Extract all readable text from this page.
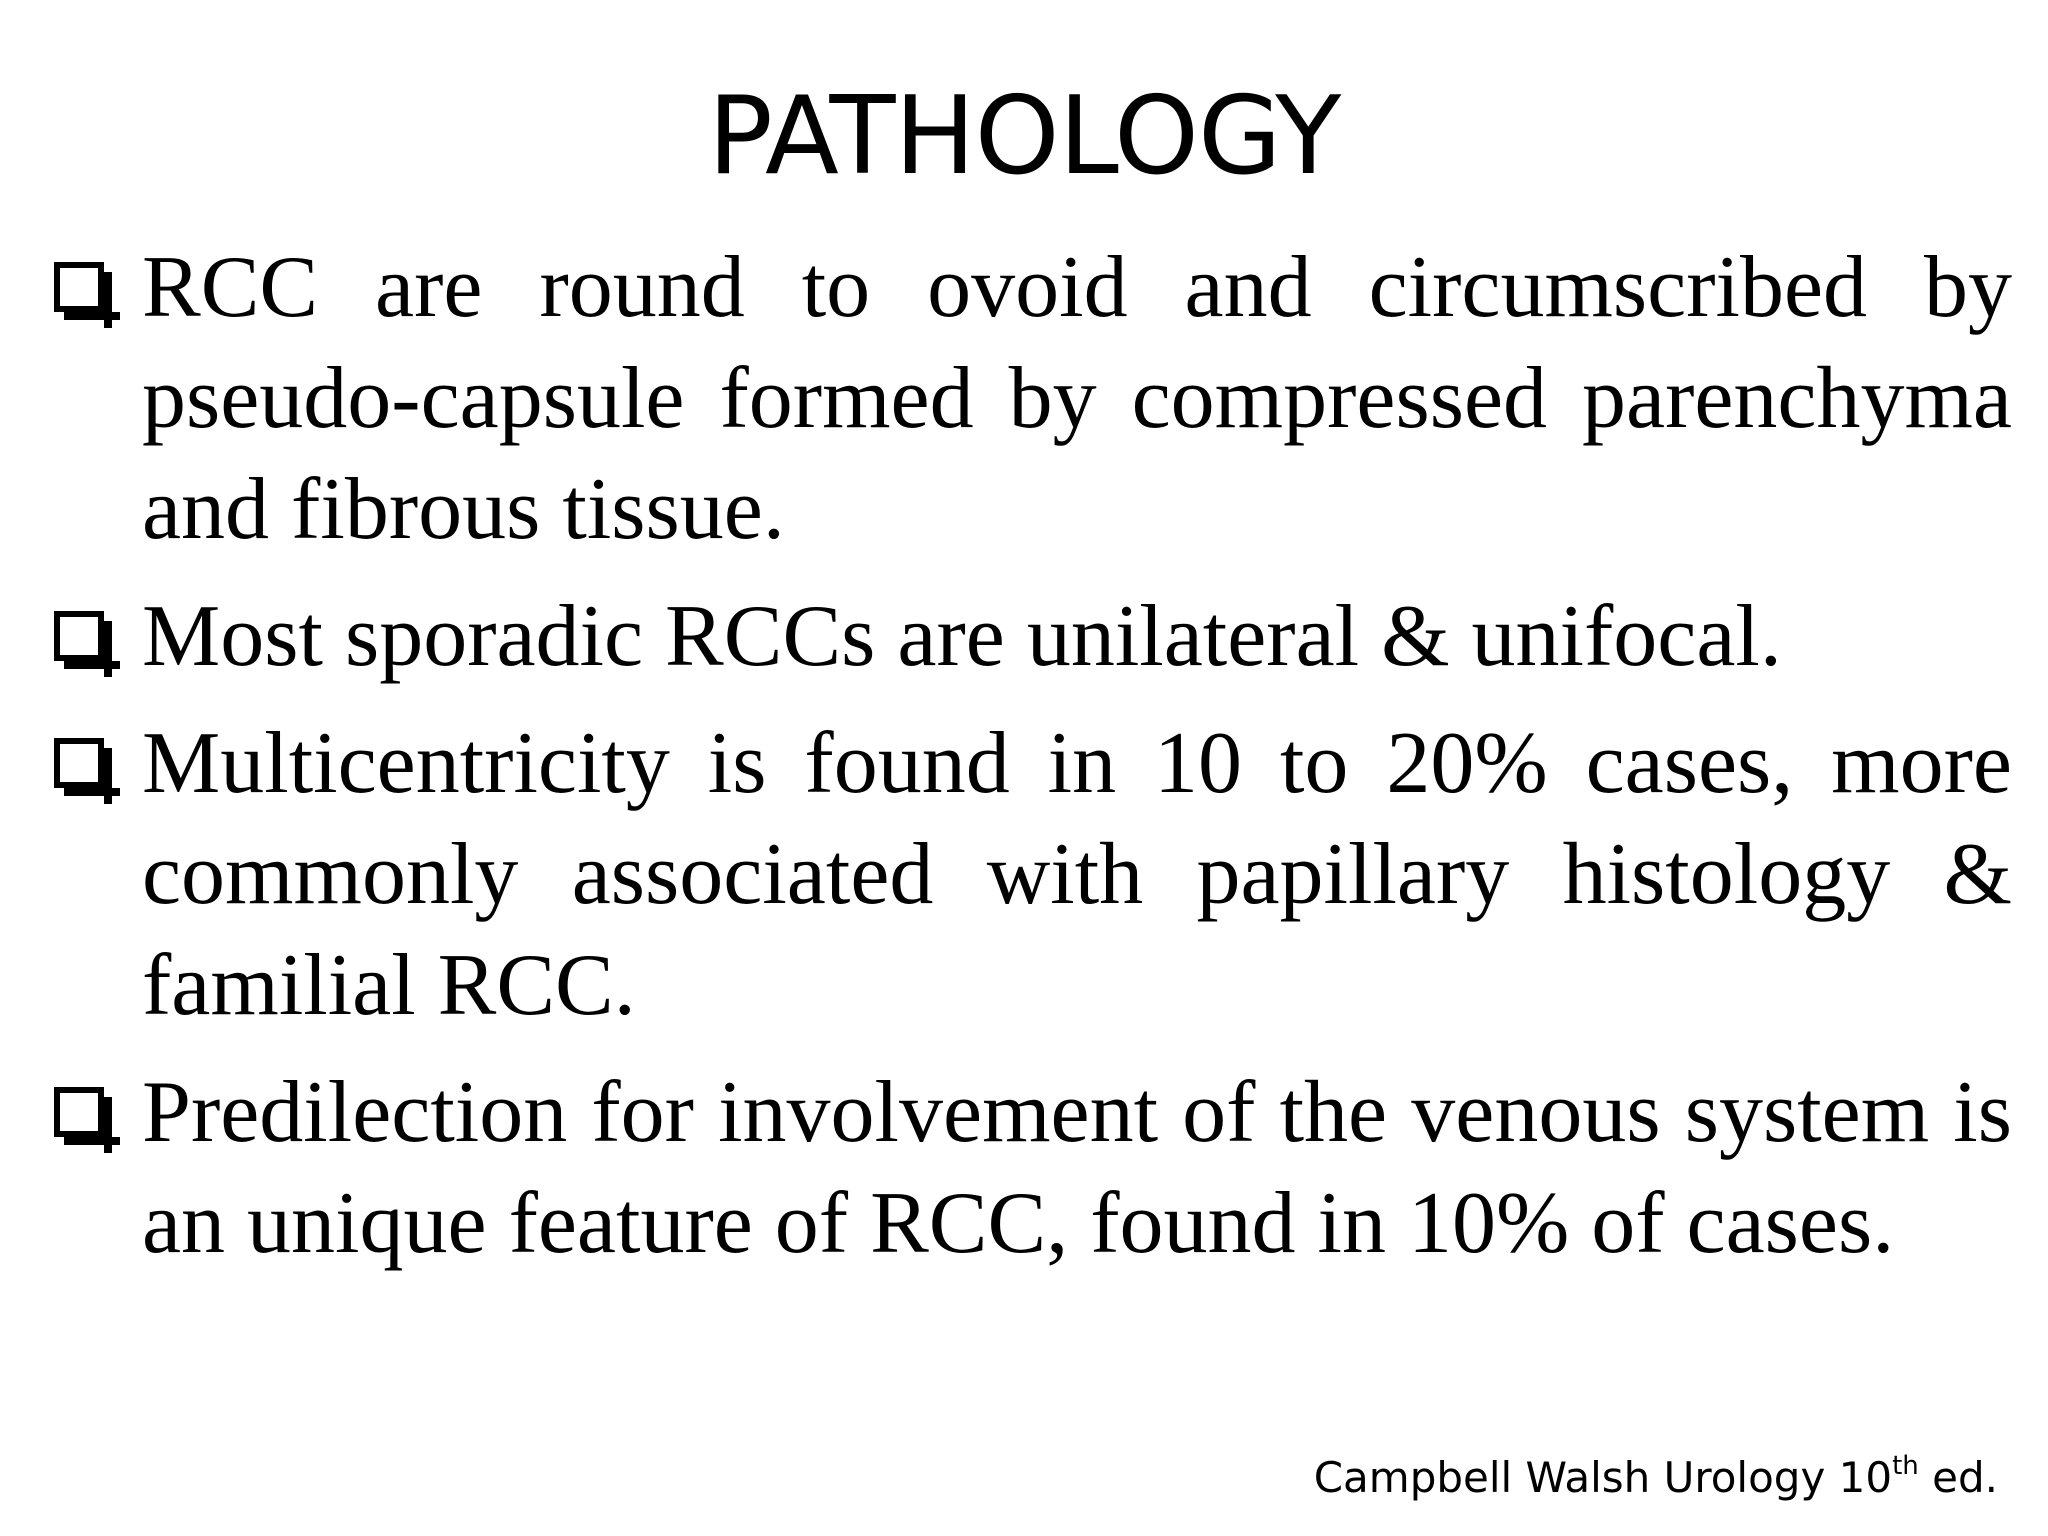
PATHOLOGY
RCC are round to ovoid and circumscribed by pseudo-capsule formed by compressed parenchyma and fibrous tissue.
Most sporadic RCCs are unilateral & unifocal.
Multicentricity is found in 10 to 20% cases, more commonly associated with papillary histology & familial RCC.
Predilection for involvement of the venous system is an unique feature of RCC, found in 10% of cases.
Campbell Walsh Urology 10th ed.
